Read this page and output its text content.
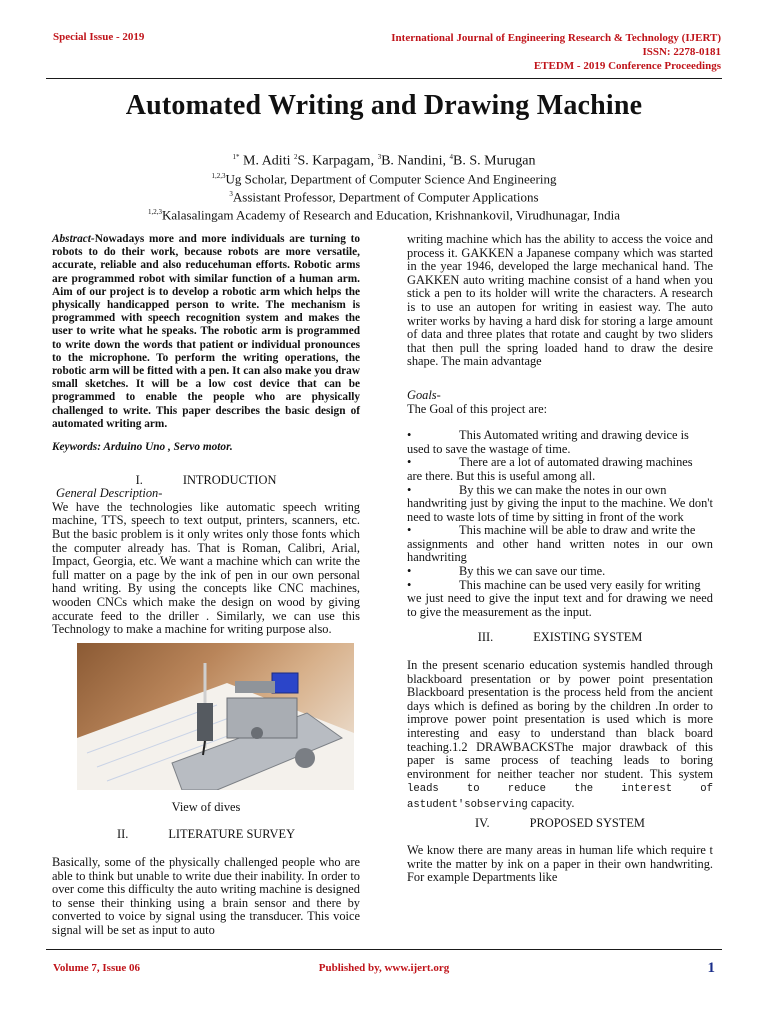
Special Issue - 2019	International Journal of Engineering Research & Technology (IJERT)
ISSN: 2278-0181
ETEDM - 2019 Conference Proceedings
Automated Writing and Drawing Machine
$^{1*}$ M. Aditi $^2$S. Karpagam, $^3$B. Nandini, $^4$B. S. Murugan
$^{1,2,3}$Ug Scholar, Department of Computer Science And Engineering
$^3$Assistant Professor, Department of Computer Applications
$^{1,2,3}$Kalasalingam Academy of Research and Education, Krishnankovil, Virudhunagar, India
Abstract-Nowadays more and more individuals are turning to robots to do their work, because robots are more versatile, accurate, reliable and also reducehuman efforts. Robotic arms are programmed robot with similar function of a human arm. Aim of our project is to develop a robotic arm which helps the physically handicapped person to write. The mechanism is programmed with speech recognition system and makes the user to write what he speaks. The robotic arm is programmed to write down the words that patient or individual pronounces to the microphone. To perform the writing operations, the robotic arm will be fitted with a pen. It can also make you draw small sketches. It will be a low cost device that can be programmed to enable the people who are physically challenged to write. This paper describes the basic design of automated writing arm.
Keywords: Arduino Uno , Servo motor.
I.	INTRODUCTION
General Description-
We have the technologies like automatic speech writing machine, TTS, speech to text output, printers, scanners, etc. But the basic problem is it only writes only those fonts which the computer already has. That is Roman, Calibri, Arial, Impact, Georgia, etc. We want a machine which can write the full matter on a page by the ink of pen in our own personal hand writing. By using the concepts like CNC machines, wooden CNCs which make the design on wood by giving accurate feed to the driller . Similarly, we can use this Technology to make a machine for writing purpose also.
View of dives
II.	LITERATURE SURVEY
Basically, some of the physically challenged people who are able to think but unable to write due their inability. In order to over come this difficulty the auto writing machine is designed to sense their thinking using a brain sensor and there by converted to voice by signal using the transducer. This voice signal will be set as input to auto
writing machine which has the ability to access the voice and process it. GAKKEN a Japanese company which was started in the year 1946, developed the large mechanical hand. The GAKKEN auto writing machine consist of a hand when you stick a pen to its holder will write the characters. A research is to use an autopen for writing in easiest way. The auto writer works by having a hard disk for storing a large amount of data and three plates that rotate and caught by two sliders that then pull the spring loaded hand to draw the desire shape. The main advantage
Goals-
The Goal of this project are:
•	This Automated writing and drawing device is
used to save the wastage of time.
•	There are a lot of automated drawing machines
are there. But this is useful among all.
•	By this we can make the notes in our own
handwriting just by giving the input to the machine. We don't need to waste lots of time by sitting in front of the work
•	This machine will be able to draw and write the
assignments and other hand written notes in our own handwriting
•	By this we can save our time.
•	This machine can be used very easily for writing
we just need to give the input text and for drawing we need to give the measurement as the input.
III.	EXISTING SYSTEM
In the present scenario education systemis handled through blackboard presentation or by power point presentation Blackboard presentation is the process held from the ancient days which is defined as boring by the children .In order to improve power point presentation is used which is more interesting and easy to understand than black board teaching.1.2 DRAWBACKSThe major drawback of this paper is same process of teaching leads to boring environment for neither teacher nor student. This system leads to reduce the interest of astudent'sobserving capacity.
IV.	PROPOSED SYSTEM
We know there are many areas in human life which require t write the matter by ink on a paper in their own handwriting. For example Departments like
Volume 7, Issue 06	Published by, www.ijert.org	1
